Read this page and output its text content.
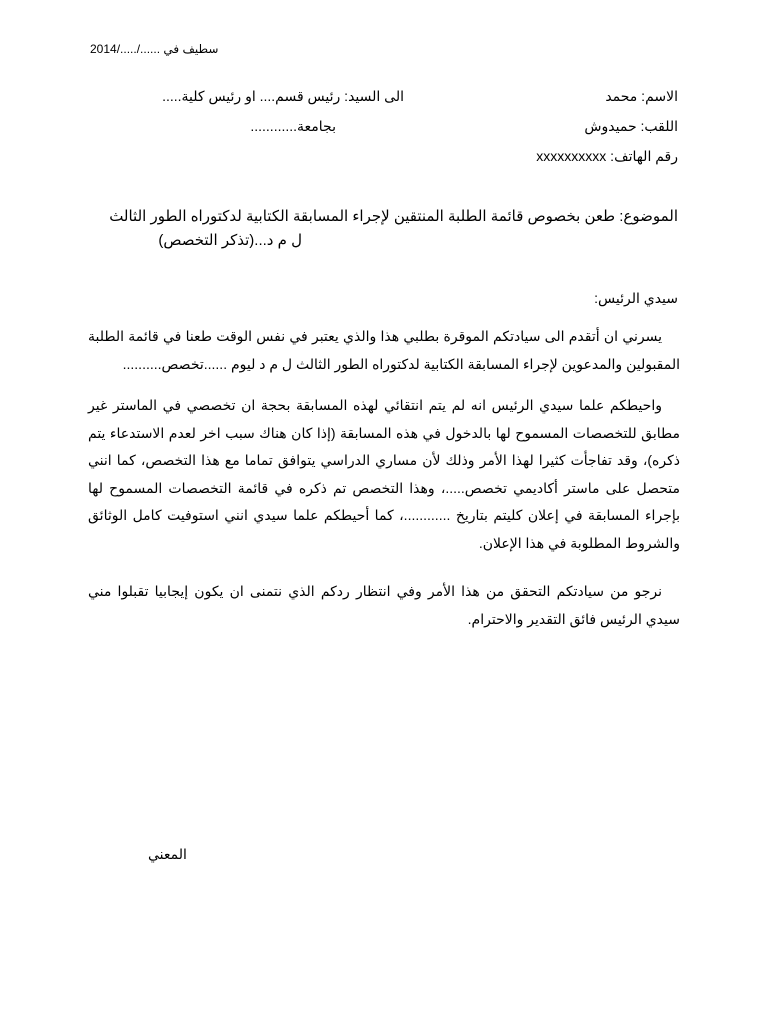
سطيف في ....../...../2014
الاسم: محمد
اللقب: حميدوش
رقم الهاتف: xxxxxxxxxx
الى السيد: رئيس قسم.... او رئيس كلية.....
بجامعة............
الموضوع: طعن بخصوص قائمة الطلبة المنتقين لإجراء المسابقة الكتابية لدكتوراه الطور الثالث
ل م د...(تذكر التخصص)
سيدي الرئيس:

يسرني ان أتقدم الى سيادتكم الموقرة بطلبي هذا والذي يعتبر في نفس الوقت طعنا في قائمة الطلبة المقبولين والمدعوين لإجراء المسابقة الكتابية لدكتوراه الطور الثالث ل م د ليوم ......تخصص..........

واحيطكم علما سيدي الرئيس انه لم يتم انتقائي لهذه المسابقة بحجة ان تخصصي في الماستر غير مطابق للتخصصات المسموح لها بالدخول في هذه المسابقة (إذا كان هناك سبب اخر لعدم الاستدعاء يتم ذكره)، وقد تفاجأت كثيرا لهذا الأمر وذلك لأن مساري الدراسي يتوافق تماما مع هذا التخصص، كما انني متحصل على ماستر أكاديمي تخصص.....، وهذا التخصص تم ذكره في قائمة التخصصات المسموح لها بإجراء المسابقة في إعلان كليتم بتاريخ ............، كما أحيطكم علما سيدي انني استوفيت كامل الوثائق والشروط المطلوبة في هذا الإعلان.

نرجو من سيادتكم التحقق من هذا الأمر وفي انتظار ردكم الذي نتمنى ان يكون إيجابيا تقبلوا مني سيدي الرئيس فائق التقدير والاحترام.

المعني
